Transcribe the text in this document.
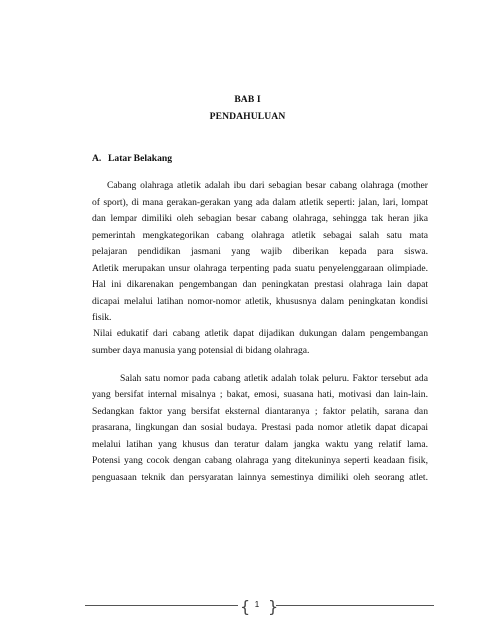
BAB I
PENDAHULUAN
A. Latar Belakang
Cabang olahraga atletik adalah ibu dari sebagian besar cabang olahraga (mother
of sport), di mana gerakan-gerakan yang ada dalam atletik seperti: jalan, lari, lompat
dan lempar dimiliki oleh sebagian besar cabang olahraga, sehingga tak heran jika
pemerintah mengkategorikan cabang olahraga atletik sebagai salah satu mata
pelajaran pendidikan jasmani yang wajib diberikan kepada para siswa.
Atletik merupakan unsur olahraga terpenting pada suatu penyelenggaraan olimpiade.
Hal ini dikarenakan pengembangan dan peningkatan prestasi olahraga lain dapat
dicapai melalui latihan nomor-nomor atletik, khususnya dalam peningkatan kondisi
fisik.
Nilai edukatif dari cabang atletik dapat dijadikan dukungan dalam pengembangan
sumber daya manusia yang potensial di bidang olahraga.
Salah satu nomor pada cabang atletik adalah tolak peluru. Faktor tersebut ada
yang bersifat internal misalnya ; bakat, emosi, suasana hati, motivasi dan lain-lain.
Sedangkan faktor yang bersifat eksternal diantaranya ; faktor pelatih, sarana dan
prasarana, lingkungan dan sosial budaya. Prestasi pada nomor atletik dapat dicapai
melalui latihan yang khusus dan teratur dalam jangka waktu yang relatif lama.
Potensi yang cocok dengan cabang olahraga yang ditekuninya seperti keadaan fisik,
penguasaan teknik dan persyaratan lainnya semestinya dimiliki oleh seorang atlet.
{ }
1
